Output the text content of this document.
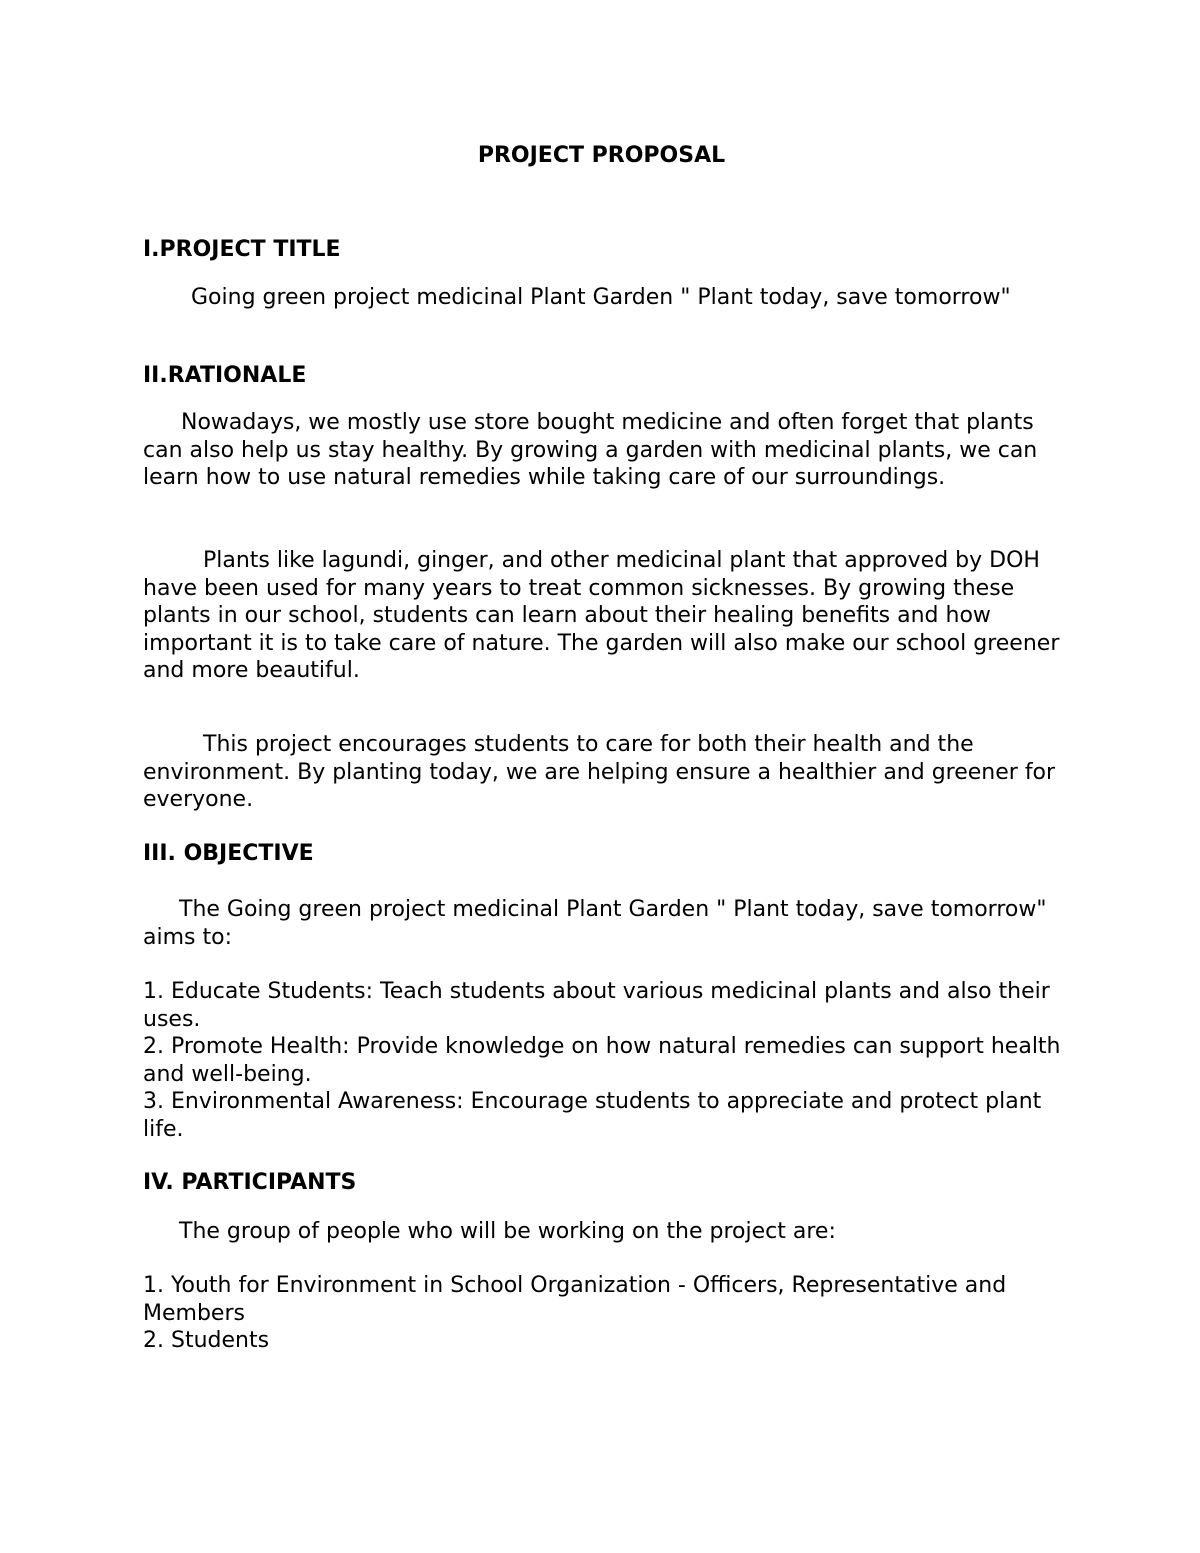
PROJECT PROPOSAL
I.PROJECT TITLE

Going green project medicinal Plant Garden " Plant today, save tomorrow"

II.RATIONALE

Nowadays, we mostly use store bought medicine and often forget that plants can also help us stay healthy. By growing a garden with medicinal plants, we can learn how to use natural remedies while taking care of our surroundings.

Plants like lagundi, ginger, and other medicinal plant that approved by DOH have been used for many years to treat common sicknesses. By growing these plants in our school, students can learn about their healing benefits and how important it is to take care of nature. The garden will also make our school greener and more beautiful.

This project encourages students to care for both their health and the environment. By planting today, we are helping ensure a healthier and greener for everyone.

III. OBJECTIVE

The Going green project medicinal Plant Garden " Plant today, save tomorrow" aims to:

1. Educate Students: Teach students about various medicinal plants and also their uses.
2. Promote Health: Provide knowledge on how natural remedies can support health and well-being.
3. Environmental Awareness: Encourage students to appreciate and protect plant life.
IV. PARTICIPANTS

The group of people who will be working on the project are:

1. Youth for Environment in School Organization - Officers, Representative and Members
2. Students
